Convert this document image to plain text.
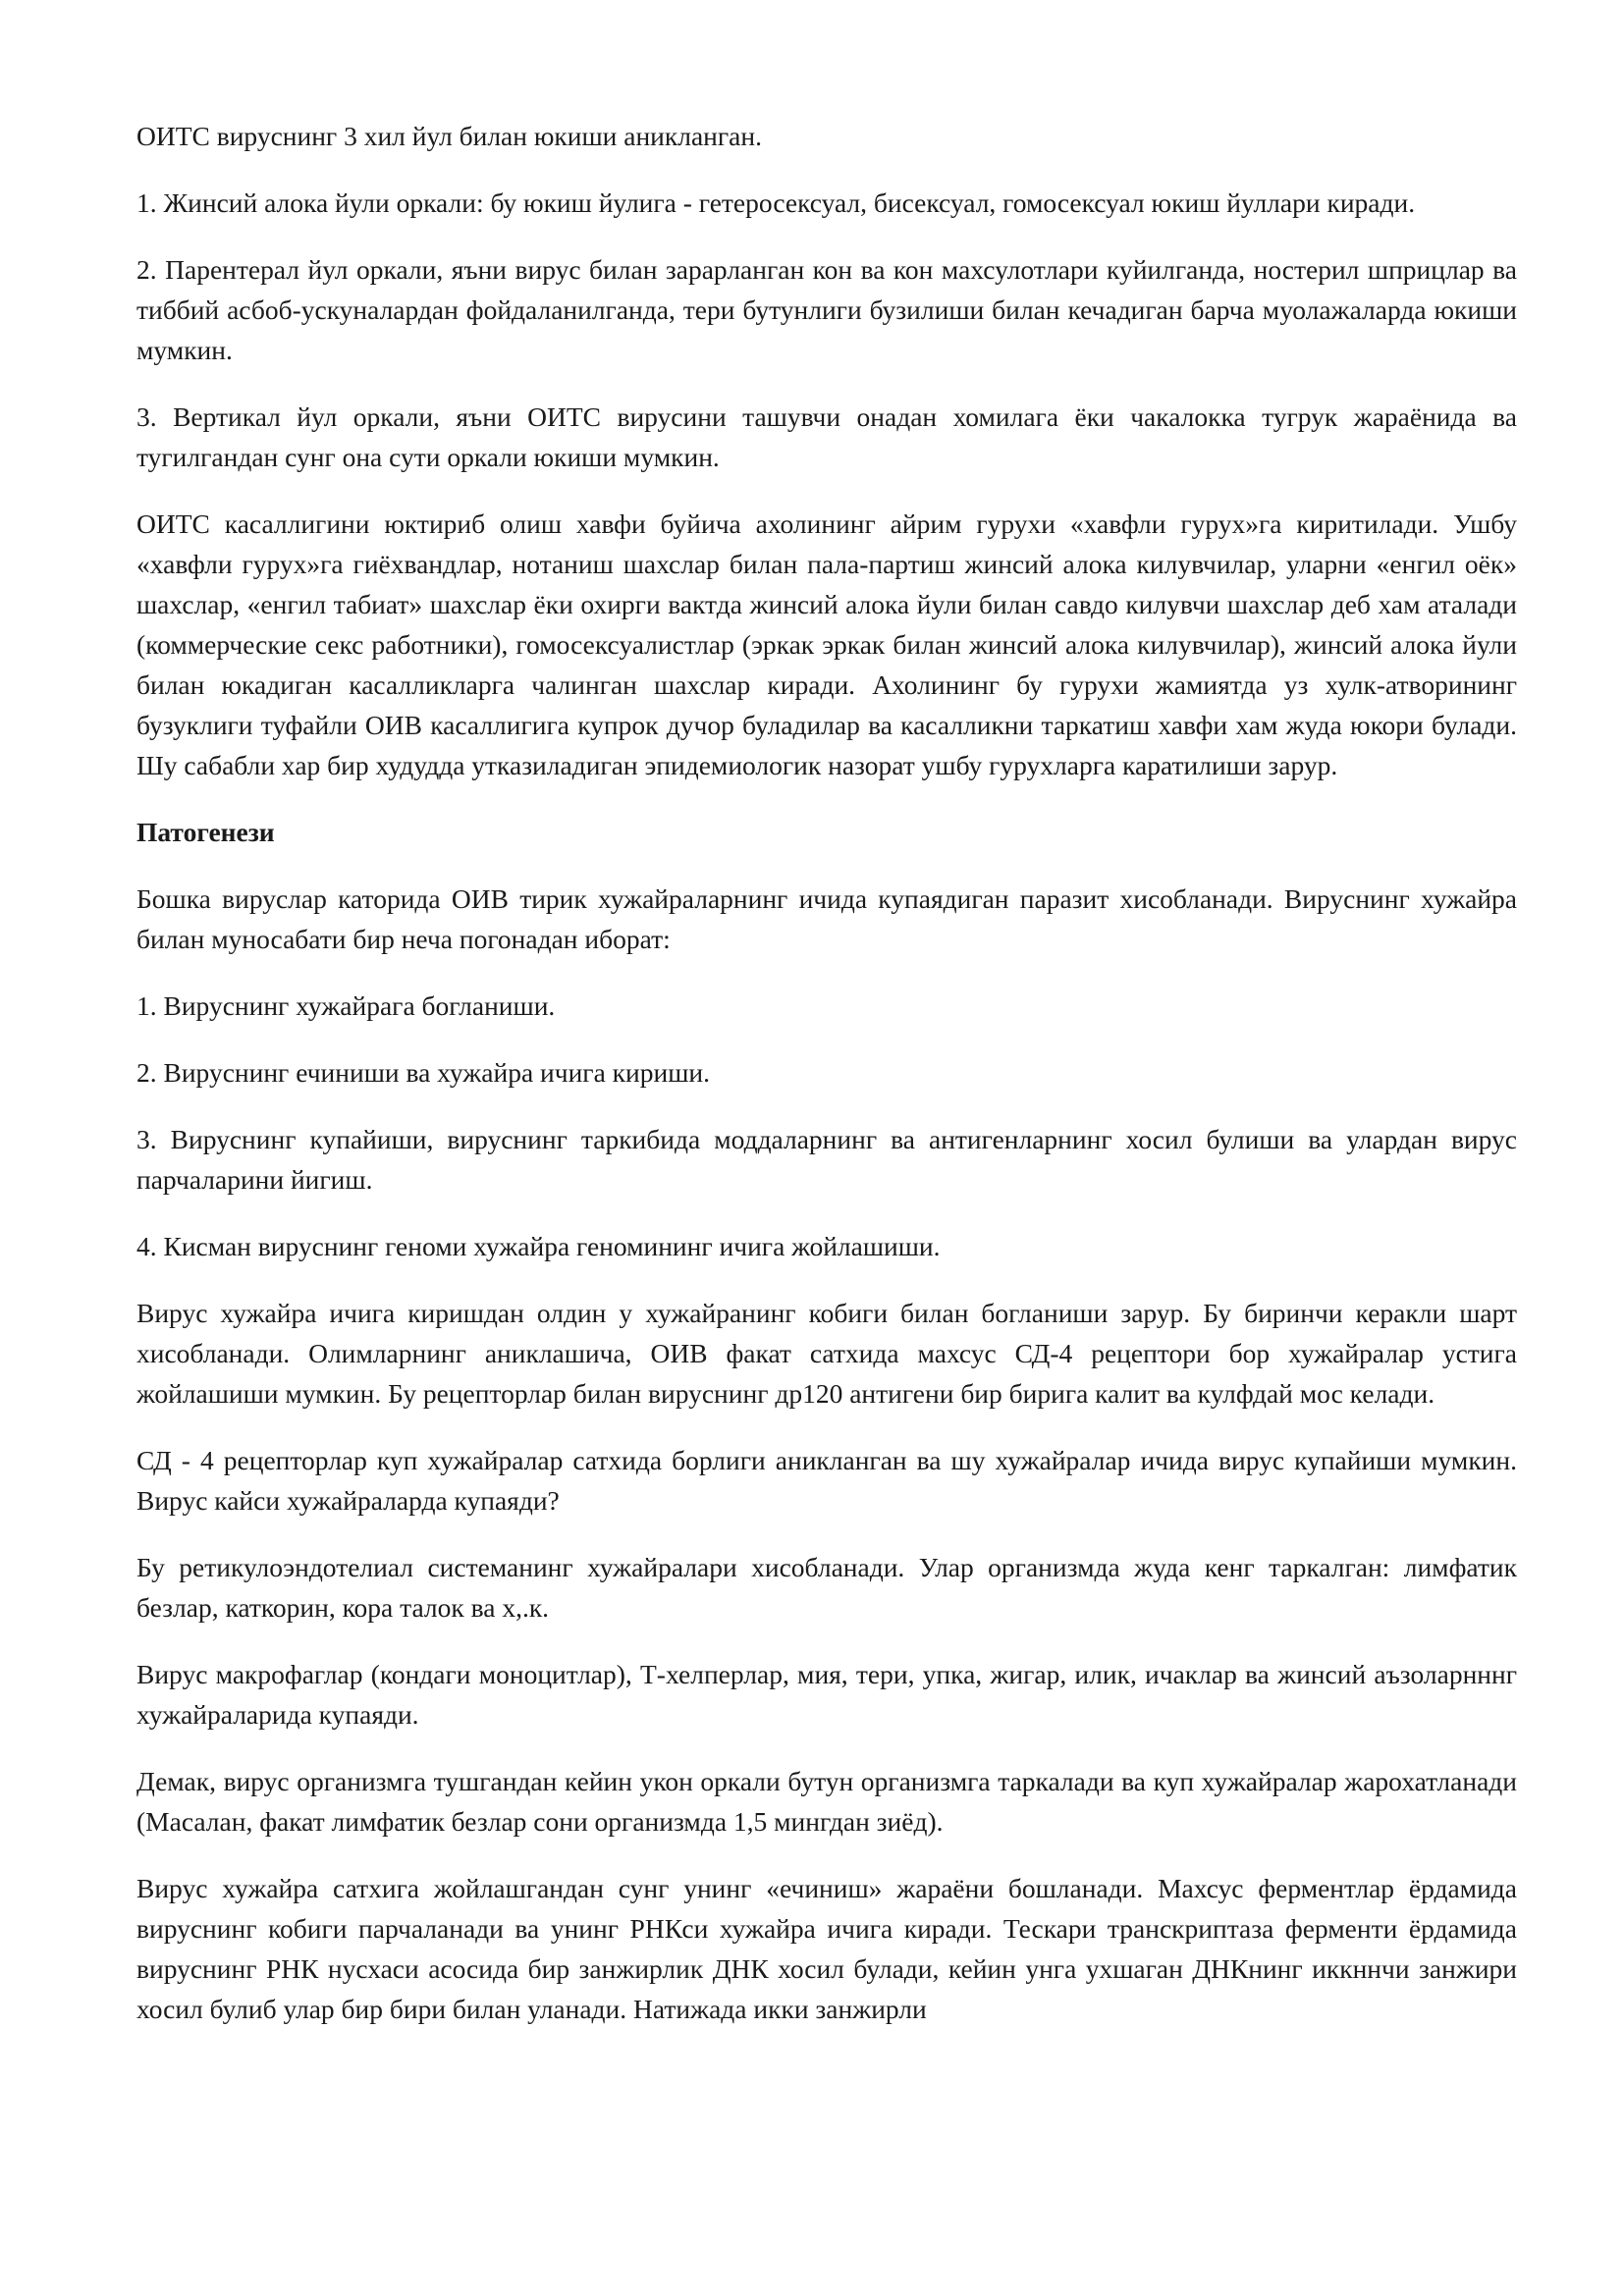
ОИТС вируснинг 3 хил йул билан юкиши аникланган.

1. Жинсий алока йули оркали: бу юкиш йулига - гетеросексуал, бисексуал, гомосексуал юкиш йуллари киради.

2. Парентерал йул оркали, яъни вирус билан зарарланган кон ва кон махсулотлари куйилганда, ностерил шприцлар ва тиббий асбоб-ускуналардан фойдаланилганда, тери бутунлиги бузилиши билан кечадиган барча муолажаларда юкиши мумкин.

3. Вертикал йул оркали, яъни ОИТС вирусини ташувчи онадан хомилага ёки чакалокка тугрук жараёнида ва тугилгандан сунг она сути оркали юкиши мумкин.

ОИТС касаллигини юктириб олиш хавфи буйича ахолининг айрим гурухи «хавфли гурух»га киритилади. Ушбу «хавфли гурух»га гиёхвандлар, нотаниш шахслар билан пала-партиш жинсий алока килувчилар, уларни «енгил оёк» шахслар, «енгил табиат» шахслар ёки охирги вактда жинсий алока йули билан савдо килувчи шахслар деб хам аталади (коммерческие секс работники), гомосексуалистлар (эркак эркак билан жинсий алока килувчилар), жинсий алока йули билан юкадиган касалликларга чалинган шахслар киради. Ахолининг бу гурухи жамиятда уз хулк-атворининг бузуклиги туфайли ОИВ касаллигига купрок дучор буладилар ва касалликни таркатиш хавфи хам жуда юкори булади. Шу сабабли хар бир худудда утказиладиган эпидемиологик назорат ушбу гурухларга каратилиши зарур.

Патогенези

Бошка вируслар каторида ОИВ тирик хужайраларнинг ичида купаядиган паразит хисобланади. Вируснинг хужайра билан муносабати бир неча погонадан иборат:

1. Вируснинг хужайрага богланиши.

2. Вируснинг ечиниши ва хужайра ичига кириши.

3. Вируснинг купайиши, вируснинг таркибида моддаларнинг ва антигенларнинг хосил булиши ва улардан вирус парчаларини йигиш.

4. Кисман вируснинг геноми хужайра геномининг ичига жойлашиши.

Вирус хужайра ичига киришдан олдин у хужайранинг кобиги билан богланиши зарур. Бу биринчи керакли шарт хисобланади. Олимларнинг аниклашича, ОИВ факат сатхида махсус СД-4 рецептори бор хужайралар устига жойлашиши мумкин. Бу рецепторлар билан вируснинг др120 антигени бир бирига калит ва кулфдай мос келади.

СД - 4 рецепторлар куп хужайралар сатхида борлиги аникланган ва шу хужайралар ичида вирус купайиши мумкин. Вирус кайси хужайраларда купаяди?

Бу ретикулоэндотелиал системанинг хужайралари хисобланади. Улар организмда жуда кенг таркалган: лимфатик безлар, каткорин, кора талок ва х,.к.

Вирус макрофаглар (кондаги моноцитлар), Т-хелперлар, мия, тери, упка, жигар, илик, ичаклар ва жинсий аъзоларнннг хужайраларида купаяди.

Демак, вирус организмга тушгандан кейин укон оркали бутун организмга таркалади ва куп хужайралар жарохатланади (Масалан, факат лимфатик безлар сони организмда 1,5 мингдан зиёд).

Вирус хужайра сатхига жойлашгандан сунг унинг «ечиниш» жараёни бошланади. Махсус ферментлар ёрдамида вируснинг кобиги парчаланади ва унинг РНКси хужайра ичига киради. Тескари транскриптаза ферменти ёрдамида вируснинг РНК нусхаси асосида бир занжирлик ДНК хосил булади, кейин унга ухшаган ДНКнинг иккннчи занжири хосил булиб улар бир бири билан уланади. Натижада икки занжирли
